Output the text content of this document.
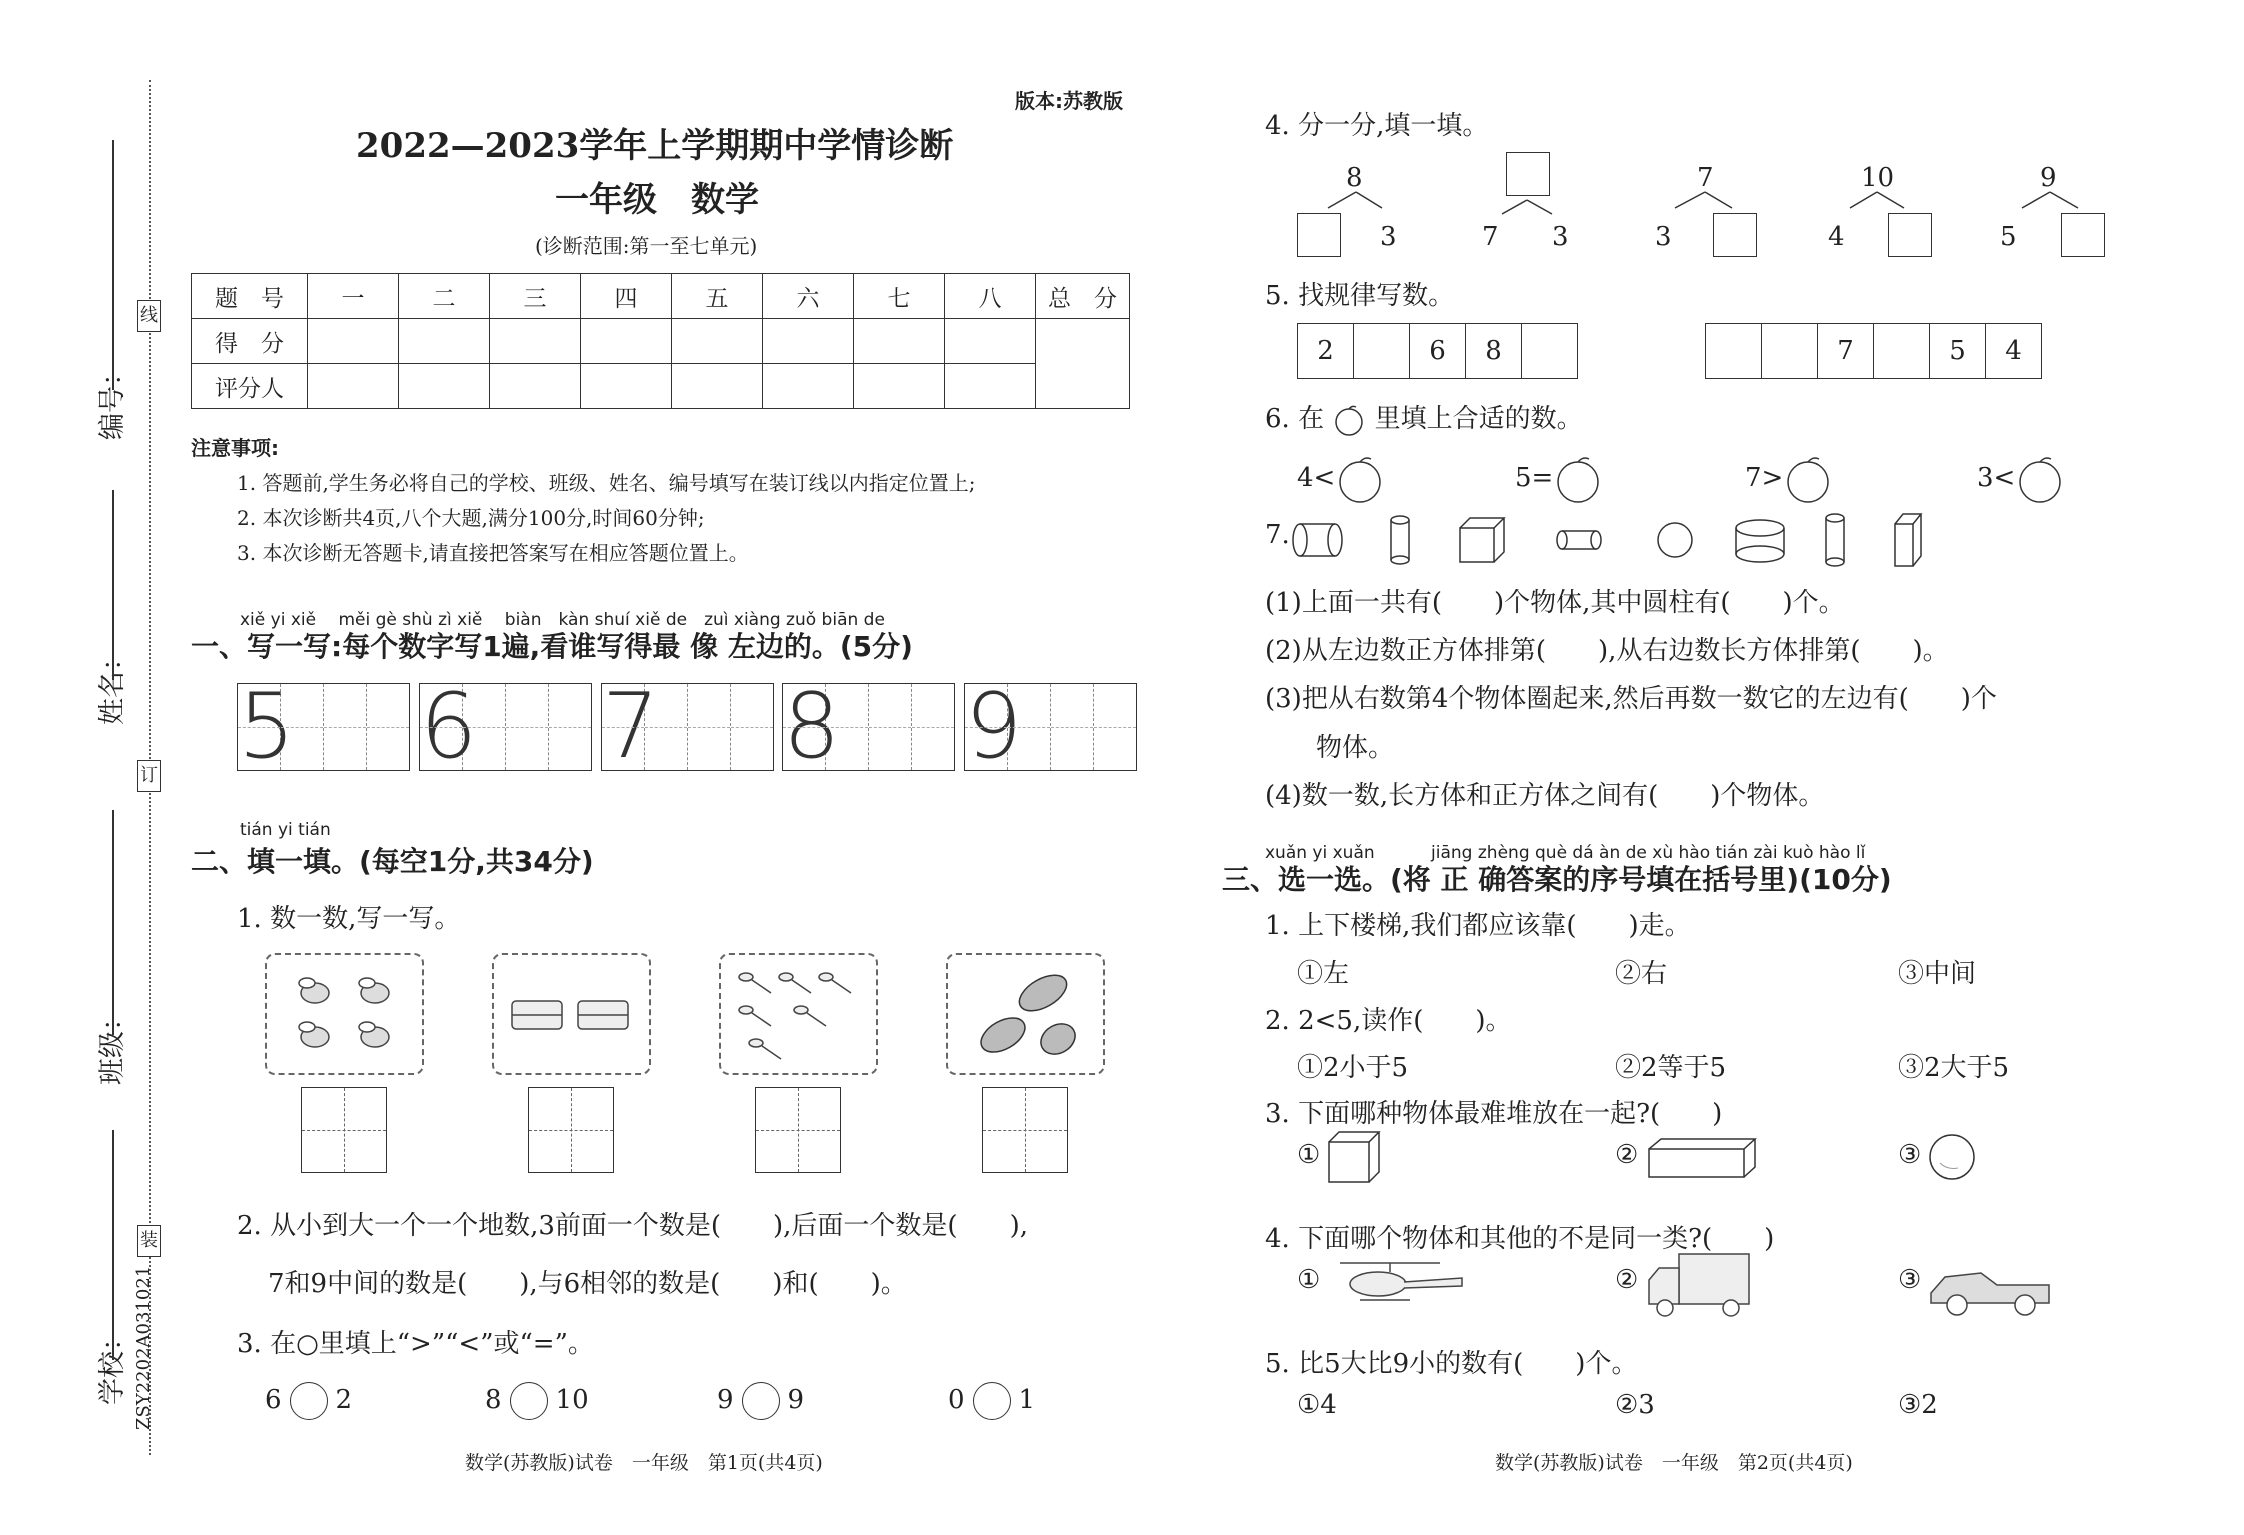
学校：
班级：
姓名：
编号：
线
订
装
ZSY2202A031021
版本:苏教版
2022—2023学年上学期期中学情诊断
一年级　数学
(诊断范围:第一至七单元)
题　号	一	二	三	四	五	六	七	八	总　分
得　分									
评分人									
注意事项:
1. 答题前,学生务必将自己的学校、班级、姓名、编号填写在装订线以内指定位置上;
2. 本次诊断共4页,八个大题,满分100分,时间60分钟;
3. 本次诊断无答题卡,请直接把答案写在相应答题位置上。
xiě yi xiě　 měi gè shù zì xiě　 biàn　kàn shuí xiě de　zuì xiàng zuǒ biān de
一、写一写:每个数字写1遍,看谁写得最 像 左边的。(5分)
5 6 7 8 9
tián yi tián
二、填一填。(每空1分,共34分)
1. 数一数,写一写。
2. 从小到大一个一个地数,3前面一个数是(　　),后面一个数是(　　),
7和9中间的数是(　　),与6相邻的数是(　　)和(　　)。
3. 在○里填上“>”“<”或“=”。
6 2	8 10	9 9	0 1
数学(苏教版)试卷　一年级　第1页(共4页)
4. 分一分,填一填。
8
3	7 3
7
3
10
4
9
5
5. 找规律写数。
2	6	8	7	5	4
6. 在 里填上合适的数。
4<	5=	7>	3<
7.
(1)上面一共有(　　)个物体,其中圆柱有(　　)个。
(2)从左边数正方体排第(　　),从右边数长方体排第(　　)。
(3)把从右数第4个物体圈起来,然后再数一数它的左边有(　　)个
物体。
(4)数一数,长方体和正方体之间有(　　)个物体。
xuǎn yi xuǎn　　　 jiāng zhèng què dá àn de xù hào tián zài kuò hào lǐ
三、选一选。(将 正 确答案的序号填在括号里)(10分)
1. 上下楼梯,我们都应该靠(　　)走。
①左	②右	③中间
2. 2<5,读作(　　)。
①2小于5	②2等于5	③2大于5
3. 下面哪种物体最难堆放在一起?(　　)
①	②	③
4. 下面哪个物体和其他的不是同一类?(　　)
①	②	③
5. 比5大比9小的数有(　　)个。
①4	②3	③2
数学(苏教版)试卷　一年级　第2页(共4页)
